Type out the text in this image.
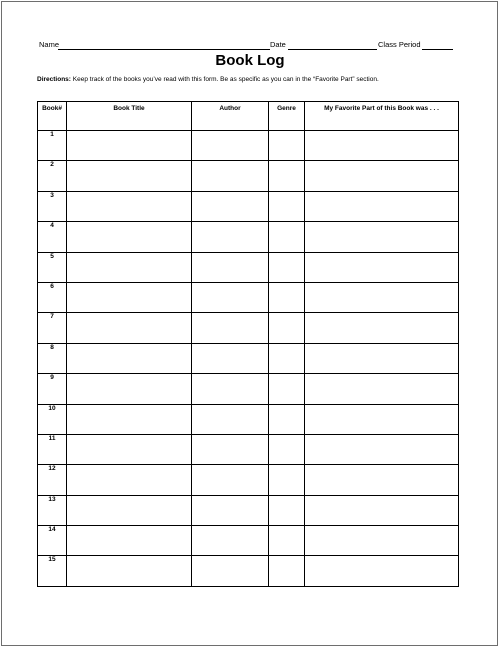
Name	Date	Class Period
Book Log
Directions: Keep track of the books you’ve read with this form. Be as specific as you can in the “Favorite Part” section.
Book#	Book Title	Author	Genre	My Favorite Part of this Book was . . .
1				
2				
3				
4				
5				
6				
7				
8				
9				
10				
11				
12				
13				
14				
15				
